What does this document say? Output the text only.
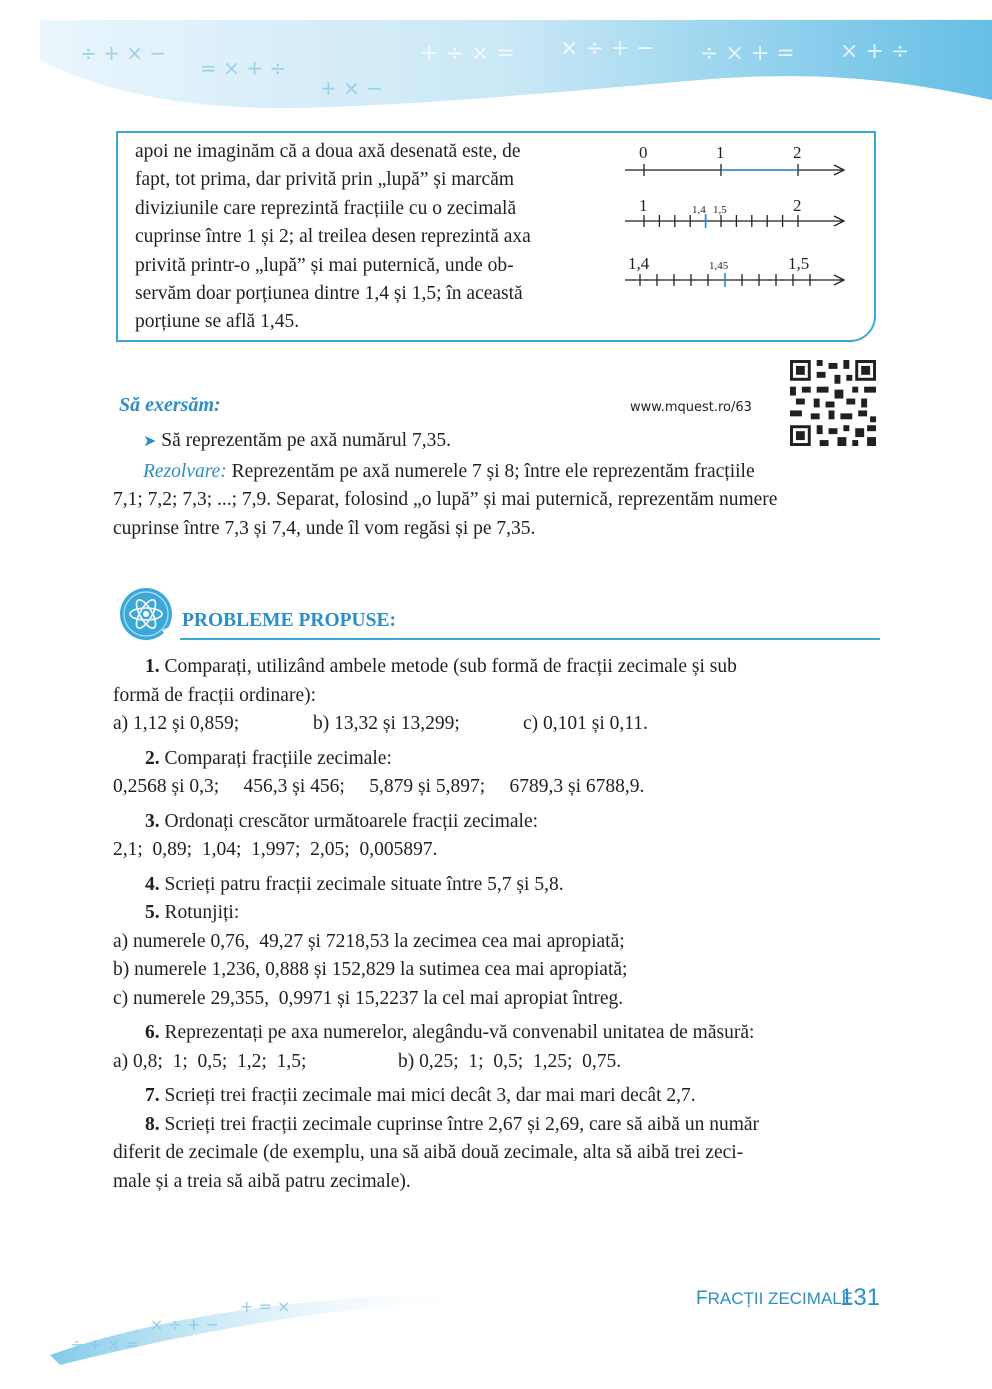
+ ÷ × = × ÷ + − ÷ × + = × + ÷
÷ + × −
= × + ÷
+ × −

apoi ne imaginăm că a doua axă desenată este, de

fapt, tot prima, dar privită prin „lupă” și marcăm

diviziunile care reprezintă fracțiile cu o zecimală

cuprinse între 1 și 2; al treilea desen reprezintă axa

privită printr-o „lupă” și mai puternică, unde ob-

servăm doar porțiunea dintre 1,4 și 1,5; în această

porțiune se află 1,45.

0	1	2
1	1,4 1,5	2
1,4	1,45	1,5
www.mquest.ro/63
Să exersăm:
➤ Să reprezentăm pe axă numărul 7,35.

Rezolvare: Reprezentăm pe axă numerele 7 și 8; între ele reprezentăm fracțiile

7,1; 7,2; 7,3; ...; 7,9. Separat, folosind „o lupă” și mai puternică, reprezentăm numere

cuprinse între 7,3 și 7,4, unde îl vom regăsi și pe 7,35.

PROBLEME PROPUSE:

1. Comparați, utilizând ambele metode (sub formă de fracții zecimale și sub

formă de fracții ordinare):

a) 1,12 și 0,859;	b) 13,32 și 13,299;	c) 0,101 și 0,11.

2. Comparați fracțiile zecimale:

0,2568 și 0,3;     456,3 și 456;     5,879 și 5,897;     6789,3 și 6788,9.

3. Ordonați crescător următoarele fracții zecimale:

2,1;  0,89;  1,04;  1,997;  2,05;  0,005897.

4. Scrieți patru fracții zecimale situate între 5,7 și 5,8.

5. Rotunjiți:

a) numerele 0,76,  49,27 și 7218,53 la zecimea cea mai apropiată;

b) numerele 1,236, 0,888 și 152,829 la sutimea cea mai apropiată;

c) numerele 29,355,  0,9971 și 15,2237 la cel mai apropiat întreg.

6. Reprezentați pe axa numerelor, alegându-vă convenabil unitatea de măsură:

a) 0,8;  1;  0,5;  1,2;  1,5;	b) 0,25;  1;  0,5;  1,25;  0,75.

7. Scrieți trei fracții zecimale mai mici decât 3, dar mai mari decât 2,7.

8. Scrieți trei fracții zecimale cuprinse între 2,67 și 2,69, care să aibă un număr

diferit de zecimale (de exemplu, una să aibă două zecimale, alta să aibă trei zeci-

male și a treia să aibă patru zecimale).

÷ + × =
× ÷ + −
+ = ×	FRACȚII ZECIMALE
131
